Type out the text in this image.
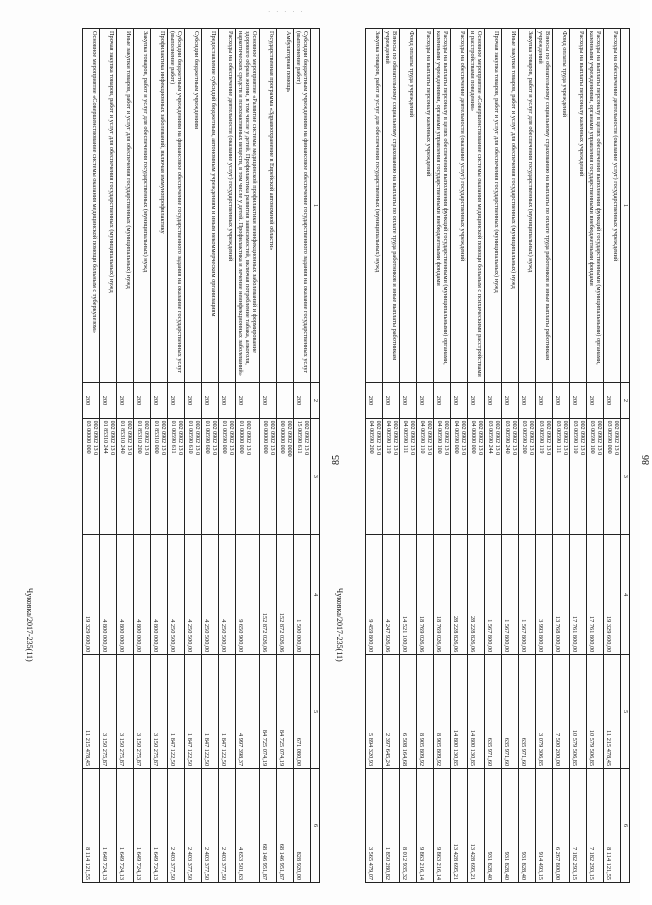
· · · · ·
85
1	2	3	4	5	6
Субсидии бюджетным учреждениям на финансовое обеспечение государственного задания на оказание государственных услуг (выполнение работ)	200	002 0902 13 0
15 00590 611	1 500 000,00	671 080,00	828 920,00
Амбулаторная помощь		002 0902 0000
00 00000 000	152 872 026,06	84 725 074,19	68 146 951,87
Государственная программа «Здравоохранение в Еврейской автономной области»	200	002 0902 13 0
00 00000 000	152 872 026,06	84 725 074,19	68 146 951,87
Основное мероприятие «Развитие системы медицинской профилактики неинфекционных заболеваний и формирование здорового образа жизни, в том числе у детей. Профилактика развития зависимостей, включая потребление табака, алкоголя, наркотических средств и психоактивных веществ, в том числе у детей. Профилактика и лечение неинфекционных заболеваний»	200	002 0902 13 0
01 00000 000	9 650 900,00	4 997 398,37	4 653 501,63
Расходы на обеспечение деятельности (оказание услуг) государственных учреждений	200	002 0902 13 0
01 00590 000	4 250 500,00	1 847 122,50	2 403 377,50
Предоставление субсидий бюджетным, автономным учреждениям и иным некоммерческим организациям	200	002 0902 13 0
01 00590 600	4 250 500,00	1 847 122,50	2 403 377,50
Субсидии бюджетным учреждениям	200	002 0902 13 0
01 00590 610	4 250 500,00	1 847 122,50	2 403 377,50
Субсидии бюджетным учреждениям на финансовое обеспечение государственного задания на оказание государственных услуг (выполнение работ)	200	002 0902 13 0
01 00590 611	4 250 500,00	1 847 122,50	2 403 377,50
Профилактика инфекционных заболеваний, включая иммунопрофилактику	200	002 0902 13 0
01 85310 000	4 800 000,00	3 150 275,87	1 649 724,13
Закупка товаров, работ и услуг для обеспечения государственных (муниципальных) нужд	200	002 0902 13 0
01 85310 200	4 800 000,00	3 150 275,87	1 649 724,13
Иные закупки товаров, работ и услуг для обеспечения государственных (муниципальных) нужд	200	002 0902 13 0
01 85310 240	4 800 000,00	3 150 275,87	1 649 724,13
Прочая закупка товаров, работ и услуг для обеспечения государственных (муниципальных) нужд	200	002 0902 13 0
01 85310 244	4 800 000,00	3 150 275,87	1 649 724,13
Основное мероприятие «Совершенствование системы оказания медицинской помощи больным с туберкулезом»	200	002 0902 13 0
03 00000 000	19 329 600,00	11 215 478,45	8 114 121,55
Чуковка/2017-235(11)
86
1	2	3	4	5	6
Расходы на обеспечение деятельности (оказание услуг) государственных учреждений	200	002 0902 13 0
03 00590 000	19 329 600,00	11 215 478,45	8 114 121,55
Расходы на выплаты персоналу в целях обеспечения выполнения функций государственными (муниципальными) органами, казенными учреждениями, органами управления государственными внебюджетными фондами	200	002 0902 13 0
03 00590 100	17 761 800,00	10 579 506,85	7 182 293,15
Расходы на выплаты персоналу казенных учреждений	200	002 0902 13 0
03 00590 110	17 761 800,00	10 579 506,85	7 182 293,15
Фонд оплаты труда учреждений	200	002 0902 13 0
03 00590 111	13 768 000,00	7 500 200,00	6 267 800,00
Взносы по обязательному социальному страхованию на выплаты по оплате труда работников и иные выплаты работникам учреждений	200	002 0902 13 0
03 00590 119	3 993 800,00	3 079 306,85	914 493,15
Закупка товаров, работ и услуг для обеспечения государственных (муниципальных) нужд	200	002 0902 13 0
03 00590 200	1 567 800,00	635 971,60	931 828,40
Иные закупки товаров, работ и услуг для обеспечения государственных (муниципальных) нужд	200	002 0902 13 0
03 00590 240	1 567 800,00	635 971,60	931 828,40
Прочая закупка товаров, работ и услуг для обеспечения государственных (муниципальных) нужд	200	002 0902 13 0
03 00590 244	1 567 800,00	635 971,60	931 828,40
Основное мероприятие «Совершенствование системы оказания медицинской помощи больным с психическими расстройствами и расстройствами поведения»	200	002 0902 13 0
04 00000 000	28 228 826,06	14 800 130,85	13 428 695,21
Расходы на обеспечение деятельности (оказание услуг) государственных учреждений	200	002 0902 13 0
04 00590 000	28 228 826,06	14 800 130,85	13 428 695,21
Расходы на выплаты персоналу в целях обеспечения выполнения функций государственными (муниципальными) органами, казенными учреждениями, органами управления государственными внебюджетными фондами	200	002 0902 13 0
04 00590 100	18 769 026,06	8 905 809,92	9 863 216,14
Расходы на выплаты персоналу казенных учреждений	200	002 0902 13 0
04 00590 110	18 769 026,06	8 905 809,92	9 863 216,14
Фонд оплаты труда учреждений	200	002 0902 13 0
04 00590 111	14 521 100,00	6 508 164,68	8 012 935,32
Взносы по обязательному социальному страхованию на выплаты по оплате труда работников и иные выплаты работникам учреждений	200	002 0902 13 0
04 00590 119	4 247 926,06	2 397 645,24	1 850 280,82
Закупка товаров, работ и услуг для обеспечения государственных (муниципальных) нужд	200	002 0902 13 0
04 00590 200	9 459 800,00	5 894 320,93	3 565 479,07
Чуковка/2017-235(11)
